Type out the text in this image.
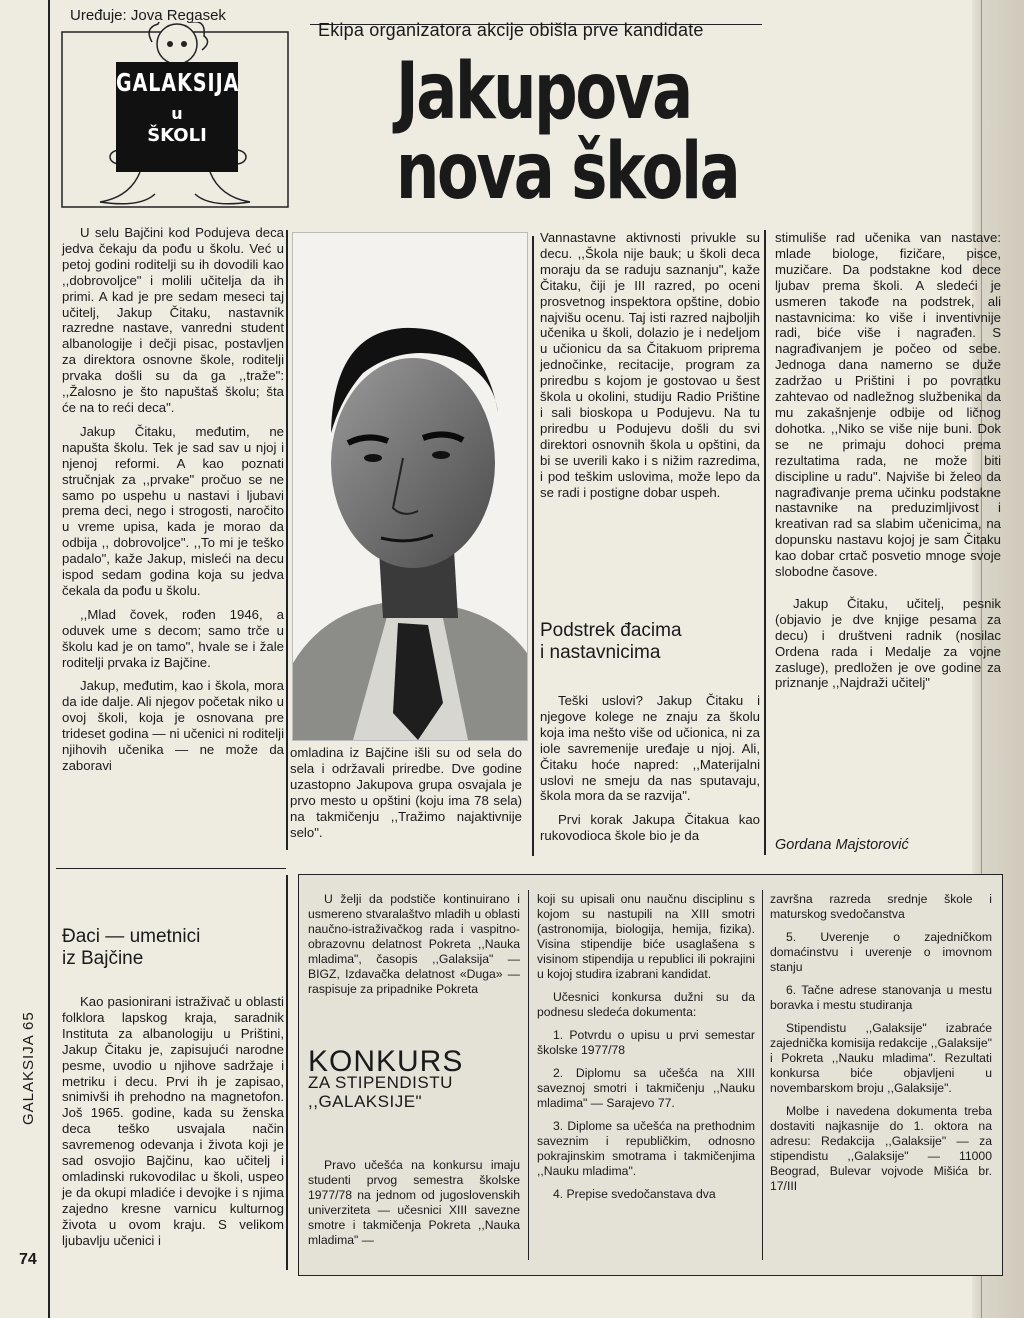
Uređuje: Jova Regasek
GALAKSIJA
u
ŠKOLI
Ekipa organizatora akcije obišla prve kandidate
Jakupova
nova škola

U selu Bajčini kod Podujeva deca jedva čekaju da pođu u školu. Već u petoj godini roditelji su ih dovodili kao ,,dobrovoljce" i molili učitelja da ih primi. A kad je pre sedam meseci taj učitelj, Jakup Čitaku, nastavnik razredne nastave, vanredni student albanologije i dečji pisac, postavljen za direktora osnovne škole, roditelji prvaka došli su da ga ,,traže": ,,Žalosno je što napuštaš školu; šta će na to reći deca".

Jakup Čitaku, međutim, ne napušta školu. Tek je sad sav u njoj i njenoj reformi. A kao poznati stručnjak za ,,prvake" pročuo se ne samo po uspehu u nastavi i ljubavi prema deci, nego i strogosti, naročito u vreme upisa, kada je morao da odbija ,, dobrovoljce". ,,To mi je teško padalo", kaže Jakup, misleći na decu ispod sedam godina koja su jedva čekala da pođu u školu.

,,Mlad čovek, rođen 1946, a oduvek ume s decom; samo trče u školu kad je on tamo", hvale se i žale roditelji prvaka iz Bajčine.

Jakup, međutim, kao i škola, mora da ide dalje. Ali njegov početak niko u ovoj školi, koja je osnovana pre trideset godina — ni učenici ni roditelji njihovih učenika — ne može da zaboravi

Đaci — umetnici
iz Bajčine

Kao pasionirani istraživač u oblasti folklora lapskog kraja, saradnik Instituta za albanologiju u Prištini, Jakup Čitaku je, zapisujući narodne pesme, uvodio u njihove sadržaje i metriku i decu. Prvi ih je zapisao, snimivši ih prehodno na magnetofon. Još 1965. godine, kada su ženska deca teško usvajala način savremenog odevanja i života koji je sad osvojio Bajčinu, kao učitelj i omladinski rukovodilac u školi, uspeo je da okupi mladiće i devojke i s njima zajedno kresne varnicu kulturnog života u ovom kraju. S velikom ljubavlju učenici i

omladina iz Bajčine išli su od sela do sela i održavali priredbe. Dve godine uzastopno Jakupova grupa osvajala je prvo mesto u opštini (koju ima 78 sela) na takmičenju ,,Tražimo najaktivnije selo".

Vannastavne aktivnosti privukle su decu. ,,Škola nije bauk; u školi deca moraju da se raduju saznanju", kaže Čitaku, čiji je III razred, po oceni prosvetnog inspektora opštine, dobio najvišu ocenu. Taj isti razred najboljih učenika u školi, dolazio je i nedeljom u učionicu da sa Čitakuom priprema jednočinke, recitacije, program za priredbu s kojom je gostovao u šest škola u okolini, studiju Radio Prištine i sali bioskopa u Podujevu. Na tu priredbu u Podujevu došli du svi direktori osnovnih škola u opštini, da bi se uverili kako i s nižim razredima, i pod teškim uslovima, može lepo da se radi i postigne dobar uspeh.

Podstrek đacima
i nastavnicima

Teški uslovi? Jakup Čitaku i njegove kolege ne znaju za školu koja ima nešto više od učionica, ni za iole savremenije uređaje u njoj. Ali, Čitaku hoće napred: ,,Materijalni uslovi ne smeju da nas sputavaju, škola mora da se razvija".

Prvi korak Jakupa Čitakua kao rukovodioca škole bio je da

stimuliše rad učenika van nastave: mlade biologe, fizičare, pisce, muzičare. Da podstakne kod dece ljubav prema školi. A sledeći je usmeren takođe na podstrek, ali nastavnicima: ko više i inventivnije radi, biće više i nagrađen. S nagrađivanjem je počeo od sebe. Jednoga dana namerno se duže zadržao u Prištini i po povratku zahtevao od nadležnog službenika da mu zakašnjenje odbije od ličnog dohotka. ,,Niko se više nije buni. Dok se ne primaju dohoci prema rezultatima rada, ne može biti discipline u radu". Najviše bi želeo da nagrađivanje prema učinku podstakne nastavnike na preduzimljivost i kreativan rad sa slabim učenicima, na dopunsku nastavu kojoj je sam Čitaku kao dobar crtač posvetio mnoge svoje slobodne časove.

Jakup Čitaku, učitelj, pesnik (objavio je dve knjige pesama za decu) i društveni radnik (nosilac Ordena rada i Medalje za vojne zasluge), predložen je ove godine za priznanje ,,Najdraži učitelj"

Gordana Majstorović

U želji da podstiče kontinuirano i usmereno stvaralaštvo mladih u oblasti naučno-istraživačkog rada i vaspitno-obrazovnu delatnost Pokreta ,,Nauka mladima", časopis ,,Galaksija" — BIGZ, Izdavačka delatnost «Duga» — raspisuje za pripadnike Pokreta

KONKURS
ZA STIPENDISTU
,,GALAKSIJE"

Pravo učešća na konkursu imaju studenti prvog semestra školske 1977/78 na jednom od jugoslovenskih univerziteta — učesnici XIII savezne smotre i takmičenja Pokreta ,,Nauka mladima" —

koji su upisali onu naučnu disciplinu s kojom su nastupili na XIII smotri (astronomija, biologija, hemija, fizika). Visina stipendije biće usaglašena s visinom stipendija u republici ili pokrajini u kojoj studira izabrani kandidat.

Učesnici konkursa dužni su da podnesu sledeća dokumenta:

1. Potvrdu o upisu u prvi semestar školske 1977/78

2. Diplomu sa učešća na XIII saveznoj smotri i takmičenju ,,Nauku mladima" — Sarajevo 77.

3. Diplome sa učešća na prethodnim saveznim i republičkim, odnosno pokrajinskim smotrama i takmičenjima ,,Nauku mladima".

4. Prepise svedočanstava dva

završna razreda srednje škole i maturskog svedočanstva

5. Uverenje o zajedničkom domaćinstvu i uverenje o imovnom stanju

6. Tačne adrese stanovanja u mestu boravka i mestu studiranja

Stipendistu ,,Galaksije" izabraće zajednička komisija redakcije ,,Galaksije" i Pokreta ,,Nauku mladima". Rezultati konkursa biće objavljeni u novembarskom broju ,,Galaksije".

Molbe i navedena dokumenta treba dostaviti najkasnije do 1. oktora na adresu: Redakcija ,,Galaksije" — za stipendistu ,,Galaksije" — 11000 Beograd, Bulevar vojvode Mišića br. 17/III

GALAKSIJA 65
74
